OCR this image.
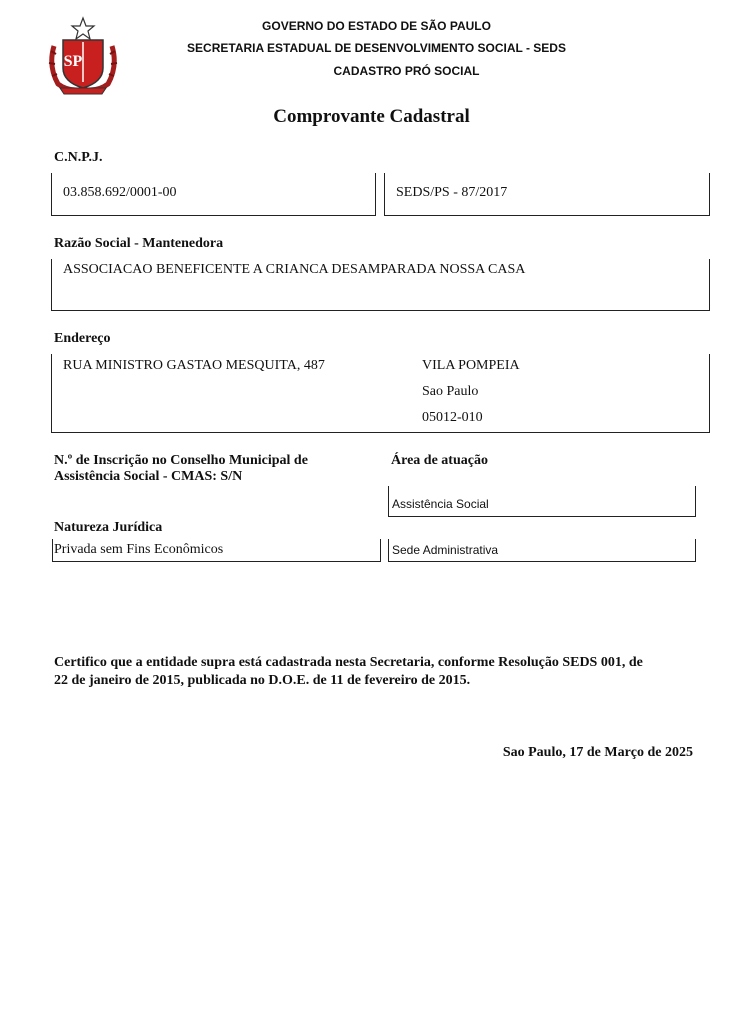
SP
GOVERNO DO ESTADO DE SÃO PAULO
SECRETARIA ESTADUAL DE DESENVOLVIMENTO SOCIAL - SEDS
CADASTRO PRÓ SOCIAL
Comprovante Cadastral
C.N.P.J.
03.858.692/0001-00	SEDS/PS - 87/2017
Razão Social - Mantenedora
ASSOCIACAO BENEFICENTE A CRIANCA DESAMPARADA NOSSA CASA
Endereço
RUA MINISTRO GASTAO MESQUITA, 487	VILA POMPEIA
Sao Paulo
05012-010
N.º de Inscrição no Conselho Municipal de
Assistência Social - CMAS: S/N
Área de atuação
Assistência Social
Natureza Jurídica
Privada sem Fins Econômicos	Sede Administrativa
Certifico que a entidade supra está cadastrada nesta Secretaria, conforme Resolução SEDS 001, de
22 de janeiro de 2015, publicada no D.O.E. de 11 de fevereiro de 2015.
Sao Paulo, 17 de Março de 2025
